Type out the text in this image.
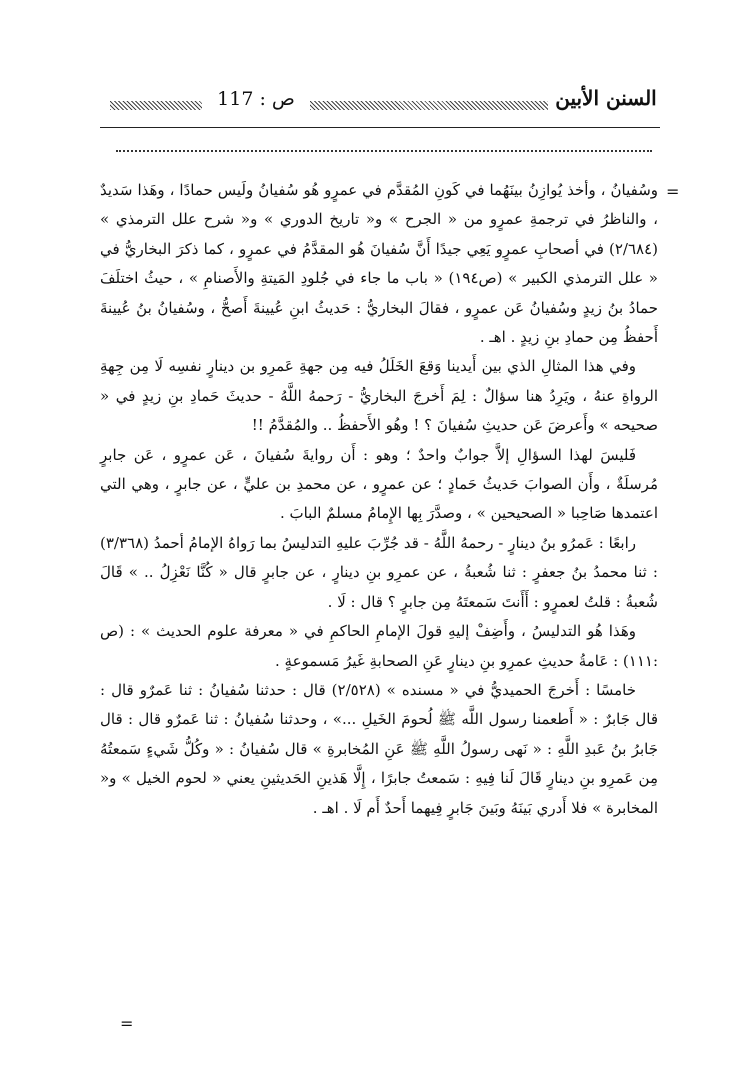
ص : 117	السنن الأبين
=
=

وسُفيانُ ، وأخذ يُوازِنُ بينَهُما في كَونِ المُقدَّم في عمرٍو هُو سُفيانُ ولَيس حمادًا ، وهَذا سَديدٌ ، والناظرُ في ترجمةِ عمرٍو من « الجرح » و« تاريخ الدوري » و« شرح علل الترمذي » (٢/٦٨٤) في أصحابِ عمرٍو يَعِي جيدًا أَنَّ سُفيانَ هُو المقدَّمُ في عمرٍو ، كما ذكرَ البخاريُّ في « علل الترمذي الكبير » (ص١٩٤) « باب ما جاء في جُلودِ المَيتةِ والأَصنامِ » ، حيثُ اختلَفَ حمادُ بنُ زيدٍ وسُفيانُ عَن عمرٍو ، فقالَ البخاريُّ : حَديثُ ابنِ عُيينةَ أَصحُّ ، وسُفيانُ بنُ عُيينةَ أَحفظُ مِن حمادِ بنِ زيدٍ . اهـ .

وفي هذا المثالِ الذي بين أَيدينا وَقعَ الخَلَلُ فيه مِن جهةِ عَمرِو بن دينارٍ نفسِه لَا مِن جِهةِ الرواةِ عنهُ ، ويَرِدُ هنا سؤالٌ : لِمَ أَخرجَ البخاريُّ - رَحمهُ اللَّهُ - حديثَ حَمادِ بنِ زيدٍ في « صحيحه » وأَعرضَ عَن حديثِ سُفيانَ ؟ ! وهُو الأَحفظُ .. والمُقدَّمُ !!

فَليسَ لهذا السؤالِ إلاَّ جوابٌ واحدٌ ؛ وهو : أَن روايةَ سُفيانَ ، عَن عمرٍو ، عَن جابرٍ مُرسلَةٌ ، وأَن الصوابَ حَديثُ حَمادٍ ؛ عن عمرٍو ، عن محمدِ بن عليٍّ ، عن جابرٍ ، وهي التي اعتمدها صَاحِبا « الصحيحين » ، وصدَّرَ بِها الإِمامُ مسلمٌ البابَ .

رابعًا : عَمرُو بنُ دينارٍ - رحمهُ اللَّهُ - قد جُرِّبَ عليهِ التدليسُ بما رَواهُ الإمامُ أحمدُ (٣/٣٦٨) : ثنا محمدُ بنُ جعفرٍ : ثنا شُعبةُ ، عن عمرِو بنِ دينارٍ ، عن جابرٍ قال « كُنَّا نَعْزِلُ .. » قَالَ شُعبةُ : قلتُ لعمرٍو : أَأَنتَ سَمعتَهُ مِن جابرٍ ؟ قال : لَا .

وهَذا هُو التدليسُ ، وأَضِفْ إليهِ قولَ الإمامِ الحاكمِ في « معرفة علوم الحديث » : (ص :١١١) : عَامةُ حديثِ عمرِو بنِ دينارٍ عَنِ الصحابةِ غَيرُ مَسموعةٍ .

خامسًا : أَخرجَ الحميديُّ في « مسنده » (٢/٥٢٨) قال : حدثنا سُفيانُ : ثنا عَمرٌو قال : قال جَابرٌ : « أَطعمنا رسول اللَّه ﷺ لُحومَ الخَيلِ ...» ، وحدثنا سُفيانُ : ثنا عَمرٌو قال : قال جَابرُ بنُ عَبدِ اللَّهِ : « نَهى رسولُ اللَّهِ ﷺ عَنِ المُخابرةِ » قال سُفيانُ : « وكُلُّ شَيءٍ سَمعتُهُ مِن عَمرِو بنِ دينارٍ قَالَ لَنا فِيهِ : سَمعتُ جابرًا ، إِلَّا هَذينِ الحَديثينِ يعني « لحوم الخيل » و« المخابرة » فلا أَدري بَينَهُ وبَينَ جَابرٍ فِيهما أَحدٌ أَم لَا . اهـ .
